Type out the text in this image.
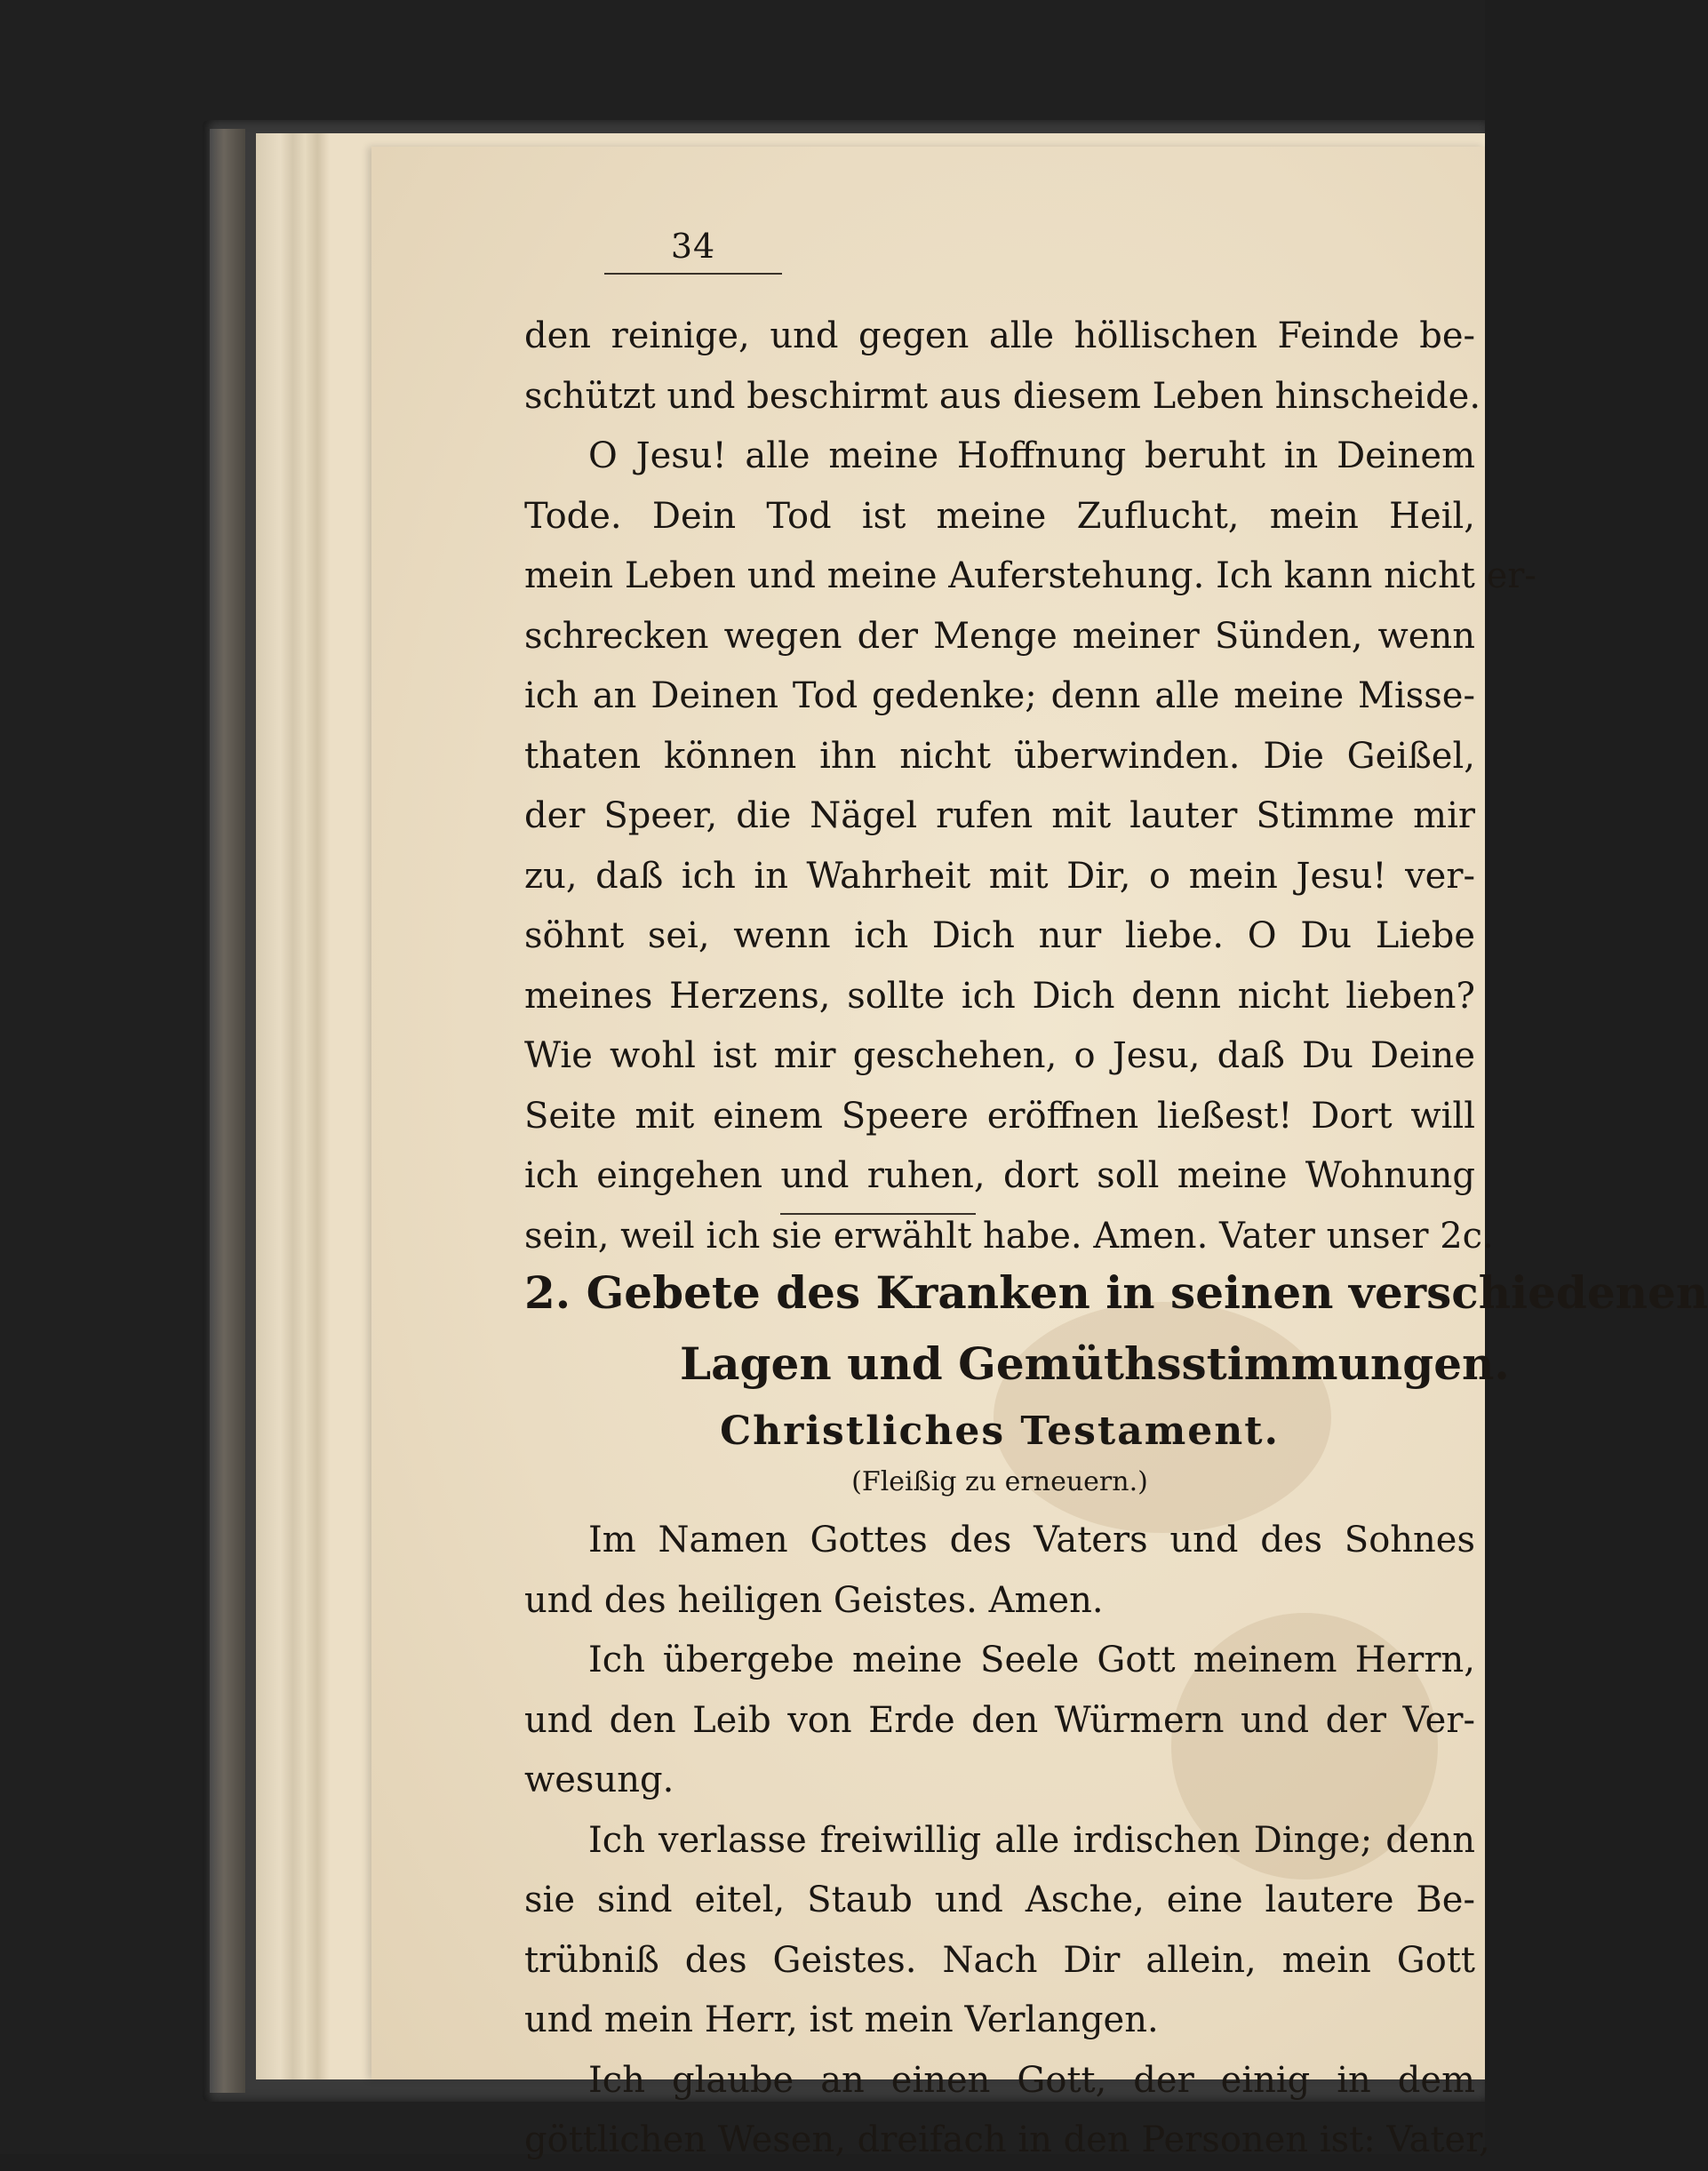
34
den reinige, und gegen alle höllischen Feinde be-
schützt und beschirmt aus diesem Leben hinscheide.
O Jesu! alle meine Hoffnung beruht in Deinem
Tode. Dein Tod ist meine Zuflucht, mein Heil,
mein Leben und meine Auferstehung. Ich kann nicht er-
schrecken wegen der Menge meiner Sünden, wenn
ich an Deinen Tod gedenke; denn alle meine Misse-
thaten können ihn nicht überwinden. Die Geißel,
der Speer, die Nägel rufen mit lauter Stimme mir
zu, daß ich in Wahrheit mit Dir, o mein Jesu! ver-
söhnt sei, wenn ich Dich nur liebe. O Du Liebe
meines Herzens, sollte ich Dich denn nicht lieben?
Wie wohl ist mir geschehen, o Jesu, daß Du Deine
Seite mit einem Speere eröffnen ließest! Dort will
ich eingehen und ruhen, dort soll meine Wohnung
sein, weil ich sie erwählt habe. Amen. Vater unser 2c.
2. Gebete des Kranken in seinen verschiedenen
Lagen und Gemüthsstimmungen.
Christliches Testament.
(Fleißig zu erneuern.)
Im Namen Gottes des Vaters und des Sohnes
und des heiligen Geistes. Amen.
Ich übergebe meine Seele Gott meinem Herrn,
und den Leib von Erde den Würmern und der Ver-
wesung.
Ich verlasse freiwillig alle irdischen Dinge; denn
sie sind eitel, Staub und Asche, eine lautere Be-
trübniß des Geistes. Nach Dir allein, mein Gott
und mein Herr, ist mein Verlangen.
Ich glaube an einen Gott, der einig in dem
göttlichen Wesen, dreifach in den Personen ist: Vater,
